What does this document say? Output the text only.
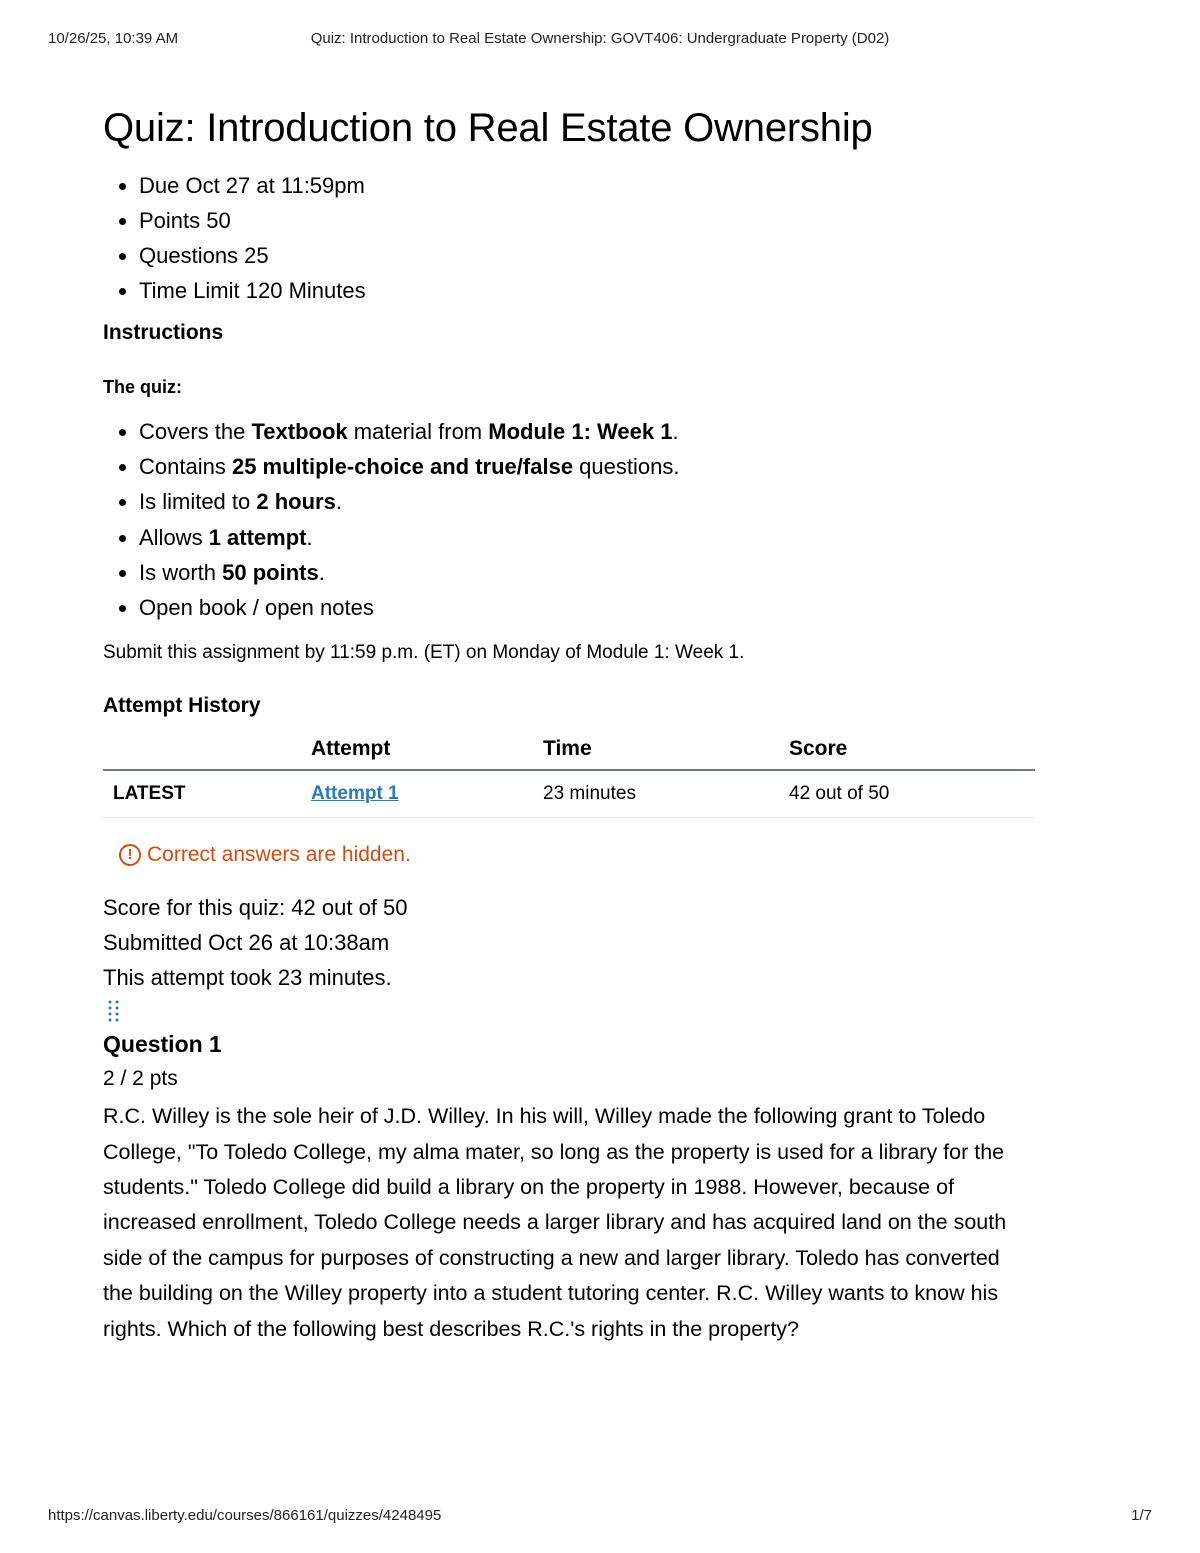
10/26/25, 10:39 AM	Quiz: Introduction to Real Estate Ownership: GOVT406: Undergraduate Property (D02)
Quiz: Introduction to Real Estate Ownership
• Due Oct 27 at 11:59pm
• Points 50
• Questions 25
• Time Limit 120 Minutes
Instructions
The quiz:
• Covers the Textbook material from Module 1: Week 1.
• Contains 25 multiple-choice and true/false questions.
• Is limited to 2 hours.
• Allows 1 attempt.
• Is worth 50 points.
• Open book / open notes
Submit this assignment by 11:59 p.m. (ET) on Monday of Module 1: Week 1.
Attempt History
	Attempt	Time	Score
LATEST	Attempt 1	23 minutes	42 out of 50
! Correct answers are hidden.
Score for this quiz: 42 out of 50
Submitted Oct 26 at 10:38am
This attempt took 23 minutes.
Question 1
2 / 2 pts
R.C. Willey is the sole heir of J.D. Willey. In his will, Willey made the following grant to Toledo College, "To Toledo College, my alma mater, so long as the property is used for a library for the students." Toledo College did build a library on the property in 1988. However, because of increased enrollment, Toledo College needs a larger library and has acquired land on the south side of the campus for purposes of constructing a new and larger library. Toledo has converted the building on the Willey property into a student tutoring center. R.C. Willey wants to know his rights. Which of the following best describes R.C.'s rights in the property?
https://canvas.liberty.edu/courses/866161/quizzes/4248495	1/7
